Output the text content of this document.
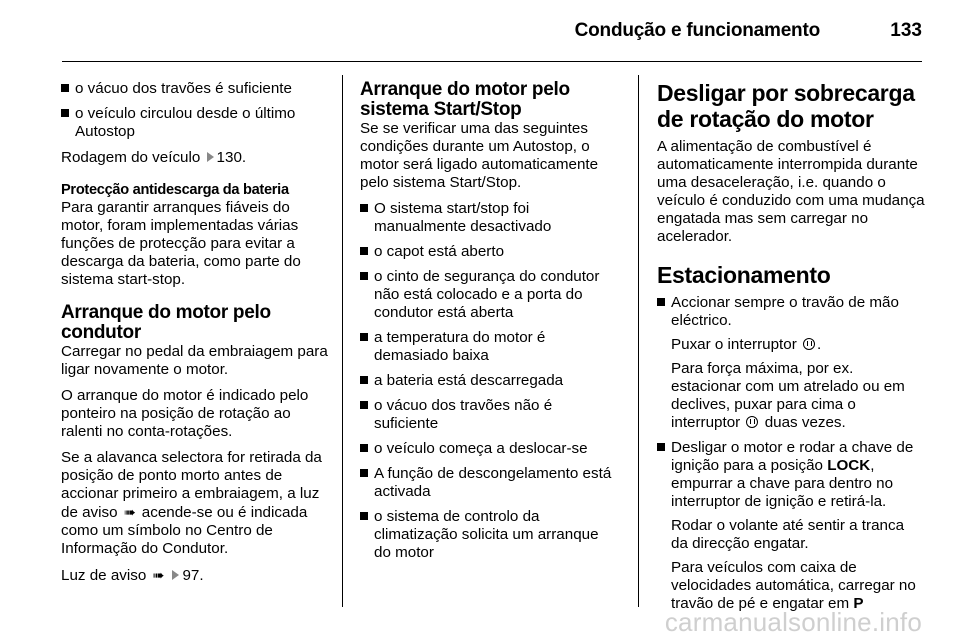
Condução e funcionamento	133
o vácuo dos travões é suficiente
o veículo circulou desde o último Autostop

Rodagem do veículo 130.

Protecção antidescarga da bateria

Para garantir arranques fiáveis do motor, foram implementadas várias funções de protecção para evitar a descarga da bateria, como parte do sistema start-stop.

Arranque do motor pelo condutor

Carregar no pedal da embraiagem para ligar novamente o motor.

O arranque do motor é indicado pelo ponteiro na posição de rotação ao ralenti no conta-rotações.

Se a alavanca selectora for retirada da posição de ponto morto antes de accionar primeiro a embraiagem, a luz de aviso ➠ acende-se ou é indicada como um símbolo no Centro de Informação do Condutor.

Luz de aviso ➠ 97.

Arranque do motor pelo sistema Start/Stop

Se se verificar uma das seguintes condições durante um Autostop, o motor será ligado automaticamente pelo sistema Start/Stop.

O sistema start/stop foi manualmente desactivado
o capot está aberto
o cinto de segurança do condutor não está colocado e a porta do condutor está aberta
a temperatura do motor é demasiado baixa
a bateria está descarregada
o vácuo dos travões não é suficiente
o veículo começa a deslocar-se
A função de descongelamento está activada
o sistema de controlo da climatização solicita um arranque do motor
Desligar por sobrecarga de rotação do motor

A alimentação de combustível é automaticamente interrompida durante uma desaceleração, i.e. quando o veículo é conduzido com uma mudança engatada mas sem carregar no acelerador.

Estacionamento
Accionar sempre o travão de mão eléctrico.

Puxar o interruptor .

Para força máxima, por ex. estacionar com um atrelado ou em declives, puxar para cima o interruptor duas vezes.

Desligar o motor e rodar a chave de ignição para a posição LOCK, empurrar a chave para dentro no interruptor de ignição e retirá-la.

Rodar o volante até sentir a tranca da direcção engatar.

Para veículos com caixa de velocidades automática, carregar no travão de pé e engatar em P

carmanualsonline.info
